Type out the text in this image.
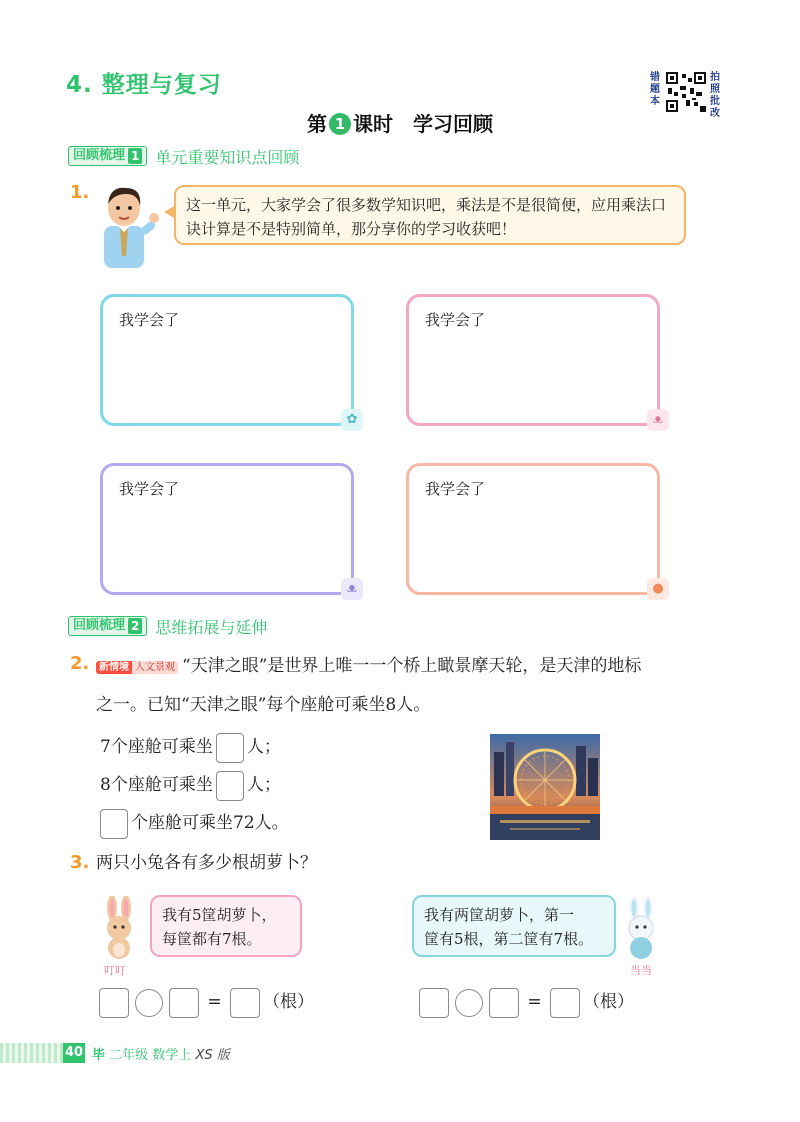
4. 整理与复习	错题本
拍照批改
第 1 课时　学习回顾
回顾梳理 1 单元重要知识点回顾
1.
这一单元，大家学会了很多数学知识吧，乘法是不是很简便，应用乘法口诀计算是不是特别简单，那分享你的学习收获吧！
我学会了
✿
我学会了
ᴥ
我学会了
ᴥ
我学会了
●
回顾梳理 2 思维拓展与延伸
2. 新情境 人文景观 “天津之眼”是世界上唯一一个桥上瞰景摩天轮，是天津的地标
之一。已知“天津之眼”每个座舱可乘坐8人。
7个座舱可乘坐 人；
8个座舱可乘坐 人；
个座舱可乘坐72人。
3. 两只小兔各有多少根胡萝卜？
叮叮
我有5筐胡萝卜，
每筐都有7根。
我有两筐胡萝卜，第一
筐有5根，第二筐有7根。
当当
= （根）	= （根）
40 毕 二年级 数学上 XS 版
